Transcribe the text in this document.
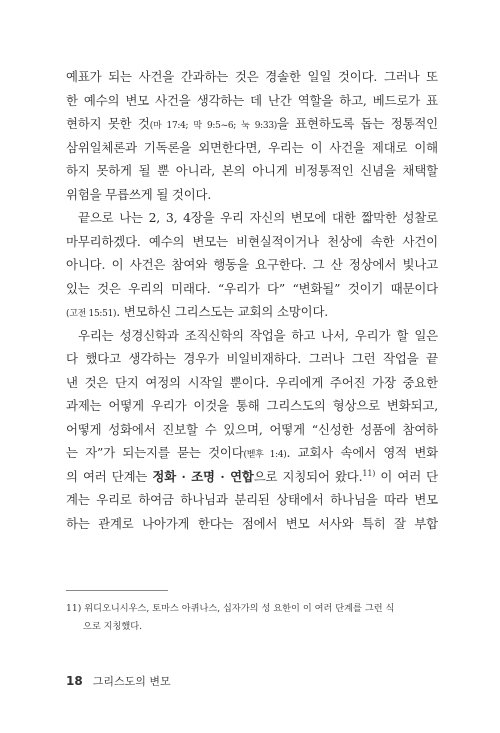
예표가 되는 사건을 간과하는 것은 경솔한 일일 것이다. 그러나 또
한 예수의 변모 사건을 생각하는 데 난간 역할을 하고, 베드로가 표
현하지 못한 것(마 17:4; 막 9:5~6; 눅 9:33)을 표현하도록 돕는 정통적인
삼위일체론과 기독론을 외면한다면, 우리는 이 사건을 제대로 이해
하지 못하게 될 뿐 아니라, 본의 아니게 비정통적인 신념을 채택할
위험을 무릅쓰게 될 것이다.
끝으로 나는 2, 3, 4장을 우리 자신의 변모에 대한 짧막한 성찰로
마무리하겠다. 예수의 변모는 비현실적이거나 천상에 속한 사건이
아니다. 이 사건은 참여와 행동을 요구한다. 그 산 정상에서 빛나고
있는 것은 우리의 미래다. “우리가 다” “변화될” 것이기 때문이다
(고전 15:51). 변모하신 그리스도는 교회의 소망이다.
우리는 성경신학과 조직신학의 작업을 하고 나서, 우리가 할 일은
다 했다고 생각하는 경우가 비일비재하다. 그러나 그런 작업을 끝
낸 것은 단지 여정의 시작일 뿐이다. 우리에게 주어진 가장 중요한
과제는 어떻게 우리가 이것을 통해 그리스도의 형상으로 변화되고,
어떻게 성화에서 진보할 수 있으며, 어떻게 “신성한 성품에 참여하
는 자”가 되는지를 묻는 것이다(벧후 1:4). 교회사 속에서 영적 변화
의 여러 단계는 정화 · 조명 · 연합으로 지칭되어 왔다.$^{11)}$ 이 여러 단
계는 우리로 하여금 하나님과 분리된 상태에서 하나님을 따라 변모
하는 관계로 나아가게 한다는 점에서 변모 서사와 특히 잘 부합
11) 위디오니시우스, 토마스 아퀴나스, 십자가의 성 요한이 이 여러 단계를 그런 식
으로 지칭했다.
18 그리스도의 변모
